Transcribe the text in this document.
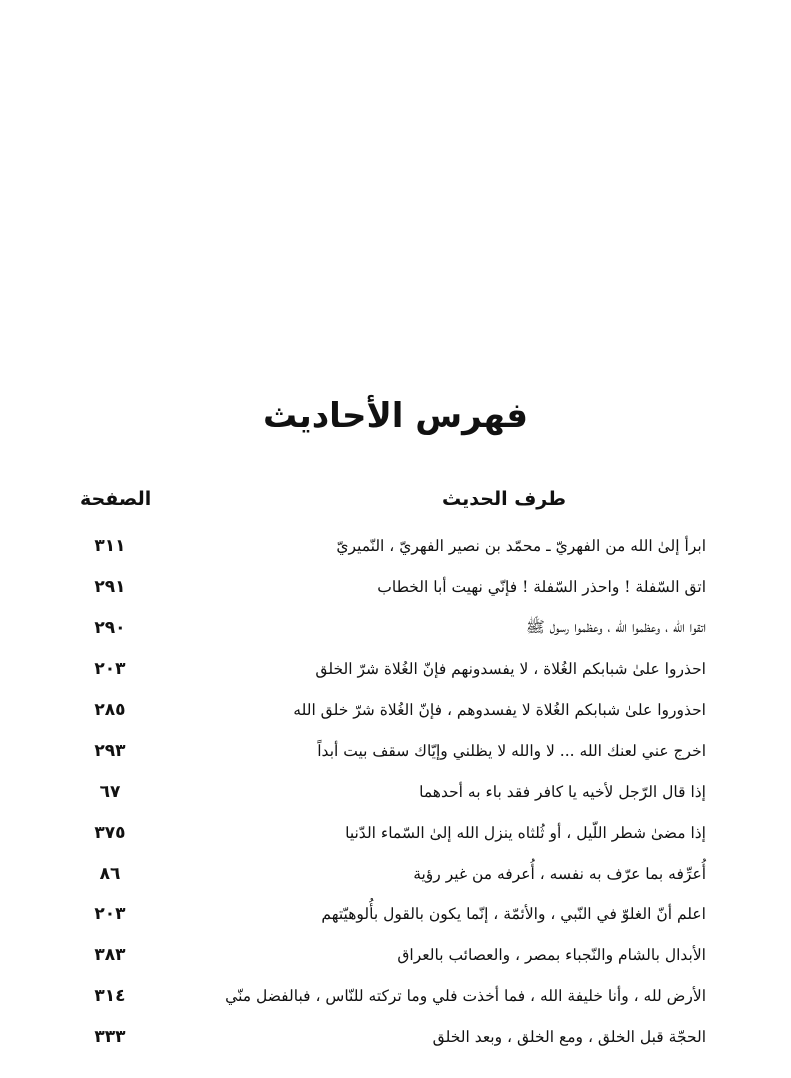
فهرس الأحاديث
طرف الحديث
الصفحة
ابرأ إلىٰ الله من الفهريّ ـ محمّد بن نصير الفهريّ ، النّميريّ
٣١١
اتق السّفلة ! واحذر السّفلة ! فإنّي نهيت أبا الخطاب
٢٩١
اتقوا الله ، وعظموا الله ، وعظموا رسول ﷺ
٢٩٠
احذروا علىٰ شبابكم الغُلاة ، لا يفسدونهم فإنّ الغُلاة شرّ الخلق
٢٠٣
احذوروا علىٰ شبابكم الغُلاة لا يفسدوهم ، فإنّ الغُلاة شرّ خلق الله
٢٨٥
اخرج عني لعنك الله ... لا والله لا يظلني وإيّاك سقف بيت أبداً
٢٩٣
إذا قال الرّجل لأخيه يا كافر فقد باء به أحدهما
٦٧
إذا مضىٰ شطر اللّيل ، أو ثُلثاه ينزل الله إلىٰ السّماء الدّنيا
٣٧٥
أُعرِّفه بما عرّف به نفسه ، أُعرفه من غير رؤية
٨٦
اعلم أنّ الغلوّ في النّبي ، والأئمّة ، إنّما يكون بالقول بأُلوهيّتهم
٢٠٣
الأبدال بالشام والنّجباء بمصر ، والعصائب بالعراق
٣٨٣
الأرض لله ، وأنا خليفة الله ، فما أخذت فلي وما تركته للنّاس ، فبالفضل منّي
٣١٤
الحجّة قبل الخلق ، ومع الخلق ، وبعد الخلق
٣٣٣
